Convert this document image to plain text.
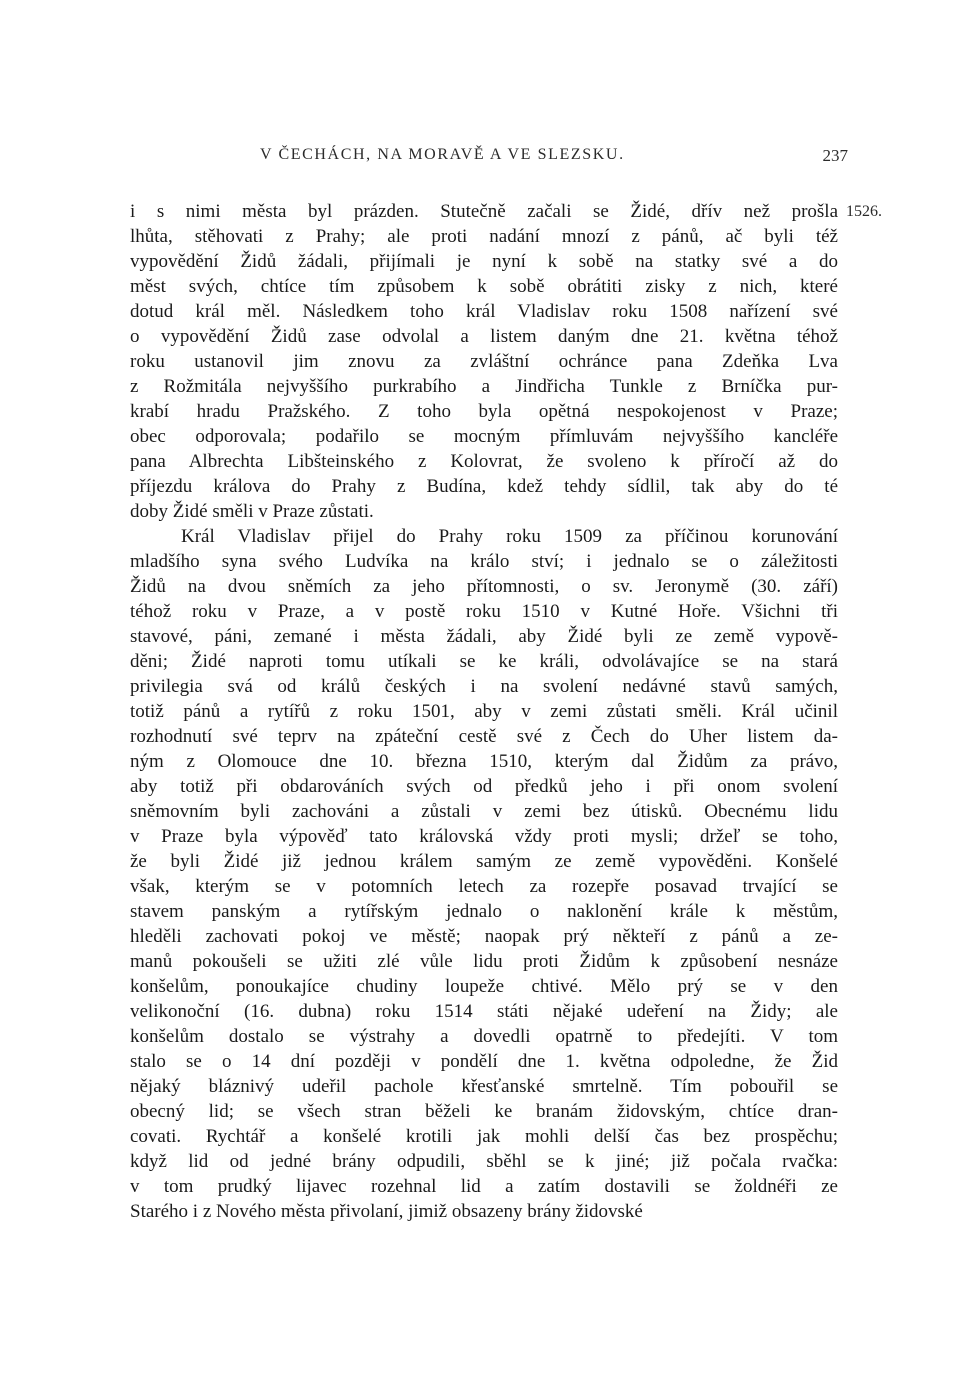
V ČECHÁCH, NA MORAVĚ A VE SLEZSKU.	237
1526.
i s nimi města byl prázden. Stutečně začali se Židé, dřív než prošla
lhůta, stěhovati z Prahy; ale proti nadání mnozí z pánů, ač byli též
vypovědění Židů žádali, přijímali je nyní k sobě na statky své a do
měst svých, chtíce tím způsobem k sobě obrátiti zisky z nich, které
dotud král měl. Následkem toho král Vladislav roku 1508 nařízení své
o vypovědění Židů zase odvolal a listem daným dne 21. května téhož
roku ustanovil jim znovu za zvláštní ochránce pana Zdeňka Lva
z Rožmitála nejvyššího purkrabího a Jindřicha Tunkle z Brníčka pur-
krabí hradu Pražského. Z toho byla opětná nespokojenost v Praze;
obec odporovala; podařilo se mocným přímluvám nejvyššího kancléře
pana Albrechta Libšteinského z Kolovrat, že svoleno k příročí až do
příjezdu králova do Prahy z Budína, kdež tehdy sídlil, tak aby do té
doby Židé směli v Praze zůstati.
Král Vladislav přijel do Prahy roku 1509 za příčinou korunování
mladšího syna svého Ludvíka na králo ství; i jednalo se o záležitosti
Židů na dvou sněmích za jeho přítomnosti, o sv. Jeronymě (30. září)
téhož roku v Praze, a v postě roku 1510 v Kutné Hoře. Všichni tři
stavové, páni, zemané i města žádali, aby Židé byli ze země vypově-
děni; Židé naproti tomu utíkali se ke králi, odvolávajíce se na stará
privilegia svá od králů českých i na svolení nedávné stavů samých,
totiž pánů a rytířů z roku 1501, aby v zemi zůstati směli. Král učinil
rozhodnutí své teprv na zpáteční cestě své z Čech do Uher listem da-
ným z Olomouce dne 10. března 1510, kterým dal Židům za právo,
aby totiž při obdarováních svých od předků jeho i při onom svolení
sněmovním byli zachováni a zůstali v zemi bez útisků. Obecnému lidu
v Praze byla výpověď tato královská vždy proti mysli; držeľ se toho,
že byli Židé již jednou králem samým ze země vypověděni. Konšelé
však, kterým se v potomních letech za rozepře posavad trvající se
stavem panským a rytířským jednalo o naklonění krále k městům,
hleděli zachovati pokoj ve městě; naopak prý někteří z pánů a ze-
manů pokoušeli se užiti zlé vůle lidu proti Židům k způsobení nesnáze
konšelům, ponoukajíce chudiny loupeže chtivé. Mělo prý se v den
velikonoční (16. dubna) roku 1514 státi nějaké udeření na Židy; ale
konšelům dostalo se výstrahy a dovedli opatrně to předejíti. V tom
stalo se o 14 dní později v pondělí dne 1. května odpoledne, že Žid
nějaký bláznivý udeřil pachole křesťanské smrtelně. Tím pobouřil se
obecný lid; se všech stran běželi ke branám židovským, chtíce dran-
covati. Rychtář a konšelé krotili jak mohli delší čas bez prospěchu;
když lid od jedné brány odpudili, sběhl se k jiné; již počala rvačka:
v tom prudký lijavec rozehnal lid a zatím dostavili se žoldnéři ze
Starého i z Nového města přivolaní, jimiž obsazeny brány židovské
